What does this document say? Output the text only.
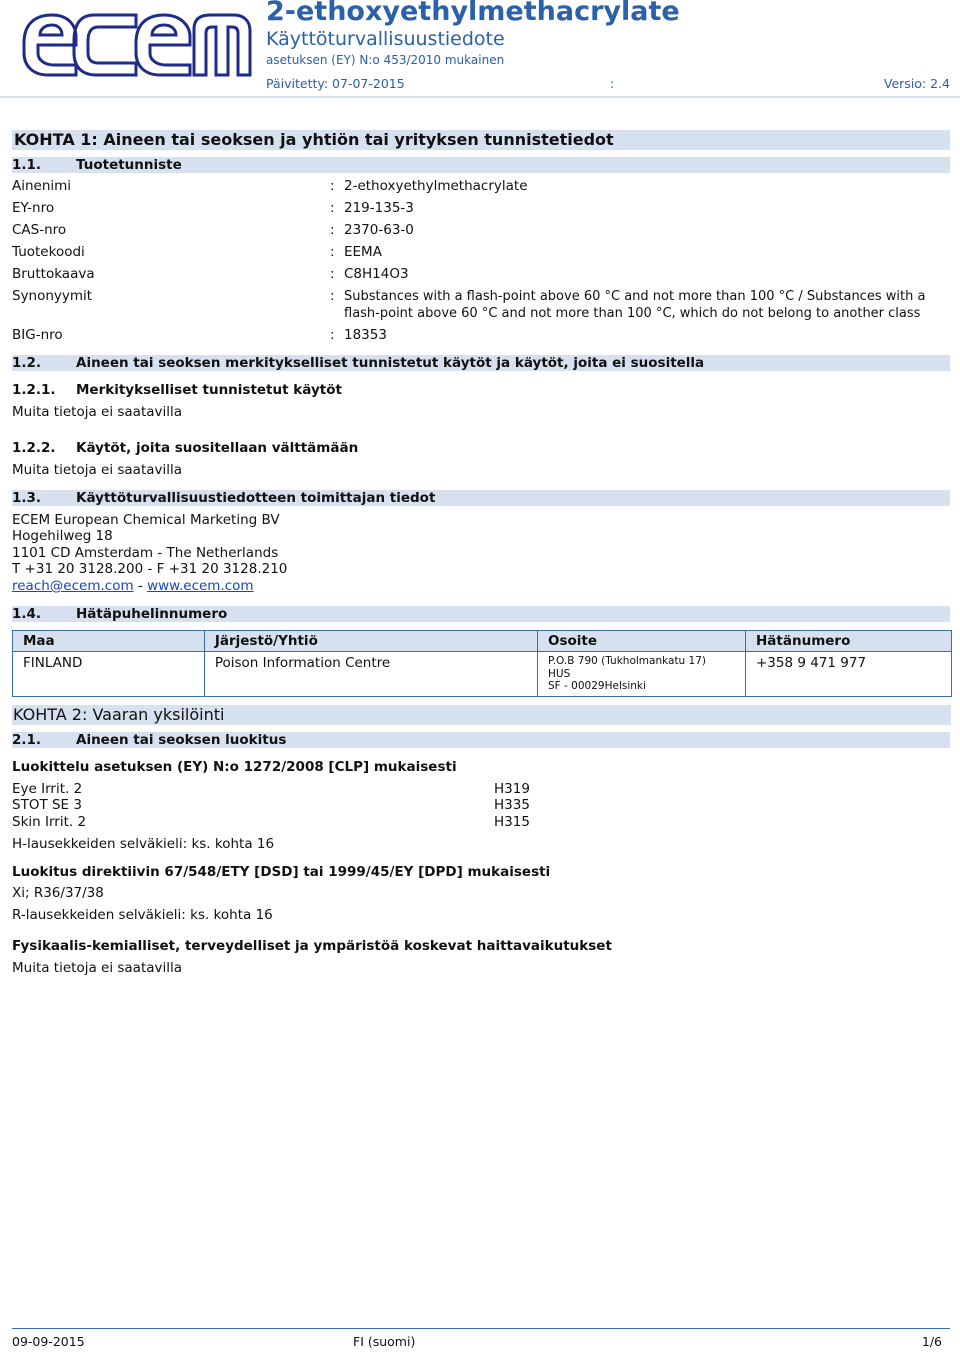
2-ethoxyethylmethacrylate
Käyttöturvallisuustiedote
asetuksen (EY) N:o 453/2010 mukainen
Päivitetty: 07-07-2015	:	Versio: 2.4
KOHTA 1: Aineen tai seoksen ja yhtiön tai yrityksen tunnistetiedot
1.1.	Tuotetunniste
Ainenimi	: 2-ethoxyethylmethacrylate
EY-nro	: 219-135-3
CAS-nro	: 2370-63-0
Tuotekoodi	: EEMA
Bruttokaava	: C8H14O3
Synonyymit	: Substances with a flash-point above 60 °C and not more than 100 °C / Substances with a flash-point above 60 °C and not more than 100 °C, which do not belong to another class
BIG-nro	: 18353
1.2.	Aineen tai seoksen merkitykselliset tunnistetut käytöt ja käytöt, joita ei suositella
1.2.1. Merkitykselliset tunnistetut käytöt
Muita tietoja ei saatavilla
1.2.2. Käytöt, joita suositellaan välttämään
Muita tietoja ei saatavilla
1.3.	Käyttöturvallisuustiedotteen toimittajan tiedot
ECEM European Chemical Marketing BV
Hogehilweg 18
1101 CD Amsterdam - The Netherlands
T +31 20 3128.200 - F +31 20 3128.210
reach@ecem.com - www.ecem.com
1.4.	Hätäpuhelinnumero
Maa	Järjestö/Yhtiö	Osoite	Hätänumero
FINLAND	Poison Information Centre	P.O.B 790 (Tukholmankatu 17)
HUS
SF - 00029Helsinki	+358 9 471 977
KOHTA 2: Vaaran yksilöinti
2.1.	Aineen tai seoksen luokitus
Luokittelu asetuksen (EY) N:o 1272/2008 [CLP] mukaisesti
Eye Irrit. 2	H319
STOT SE 3	H335
Skin Irrit. 2	H315
H-lausekkeiden selväkieli: ks. kohta 16
Luokitus direktiivin 67/548/ETY [DSD] tai 1999/45/EY [DPD] mukaisesti
Xi; R36/37/38
R-lausekkeiden selväkieli: ks. kohta 16
Fysikaalis-kemialliset, terveydelliset ja ympäristöä koskevat haittavaikutukset
Muita tietoja ei saatavilla
09-09-2015	FI (suomi)	1/6
